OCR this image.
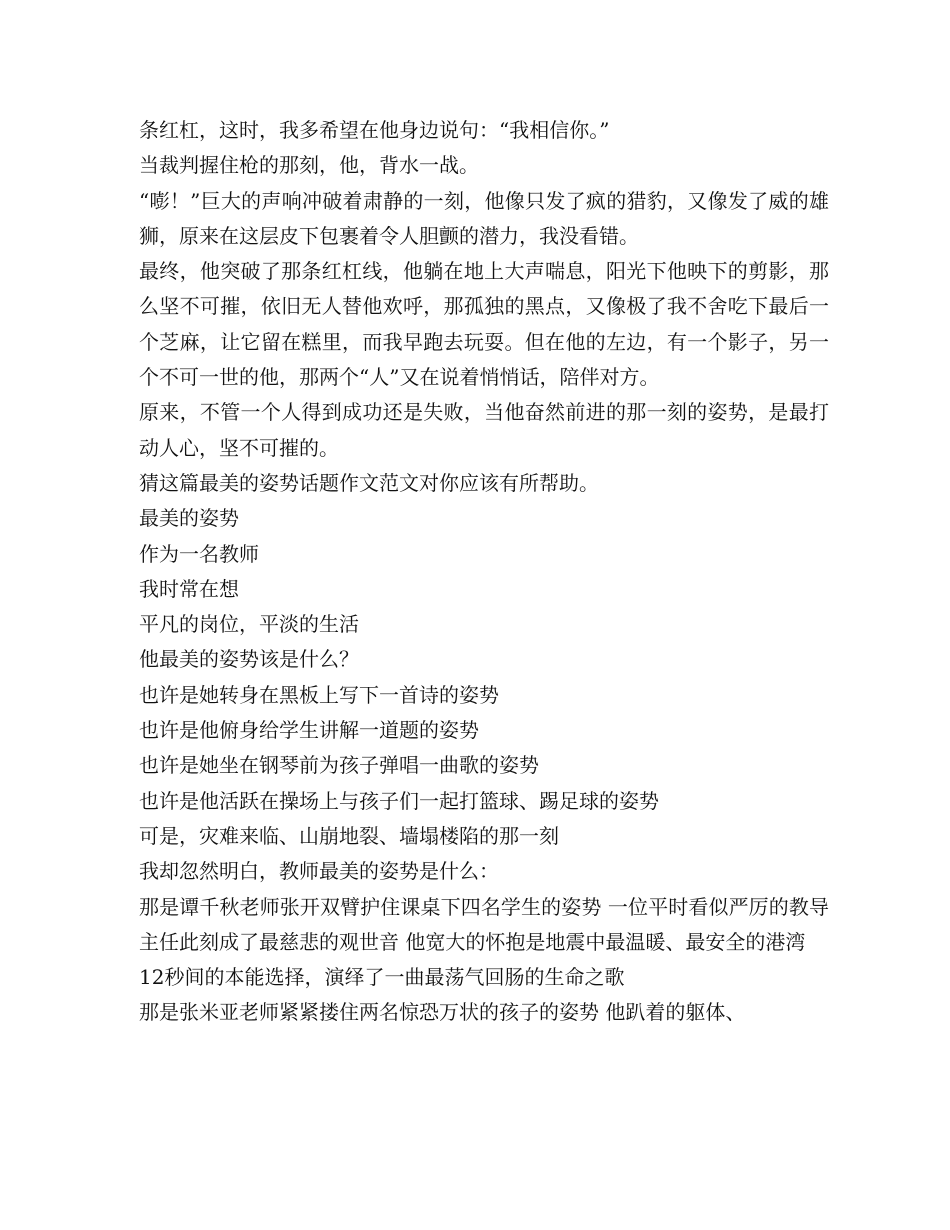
条红杠，这时，我多希望在他身边说句：“我相信你。”

当裁判握住枪的那刻，他，背水一战。

“嘭！”巨大的声响冲破着肃静的一刻，他像只发了疯的猎豹，又像发了威的雄狮，原来在这层皮下包裹着令人胆颤的潜力，我没看错。

最终，他突破了那条红杠线，他躺在地上大声喘息，阳光下他映下的剪影，那么坚不可摧，依旧无人替他欢呼，那孤独的黑点，又像极了我不舍吃下最后一个芝麻，让它留在糕里，而我早跑去玩耍。但在他的左边，有一个影子，另一个不可一世的他，那两个“人”又在说着悄悄话，陪伴对方。

原来，不管一个人得到成功还是失败，当他奋然前进的那一刻的姿势，是最打动人心，坚不可摧的。

猜这篇最美的姿势话题作文范文对你应该有所帮助。

最美的姿势

作为一名教师

我时常在想

平凡的岗位，平淡的生活

他最美的姿势该是什么？

也许是她转身在黑板上写下一首诗的姿势

也许是他俯身给学生讲解一道题的姿势

也许是她坐在钢琴前为孩子弹唱一曲歌的姿势

也许是他活跃在操场上与孩子们一起打篮球、踢足球的姿势

可是，灾难来临、山崩地裂、墙塌楼陷的那一刻

我却忽然明白，教师最美的姿势是什么：

那是谭千秋老师张开双臂护住课桌下四名学生的姿势 一位平时看似严厉的教导主任此刻成了最慈悲的观世音 他宽大的怀抱是地震中最温暖、最安全的港湾

12秒间的本能选择，演绎了一曲最荡气回肠的生命之歌

那是张米亚老师紧紧搂住两名惊恐万状的孩子的姿势 他趴着的躯体、
